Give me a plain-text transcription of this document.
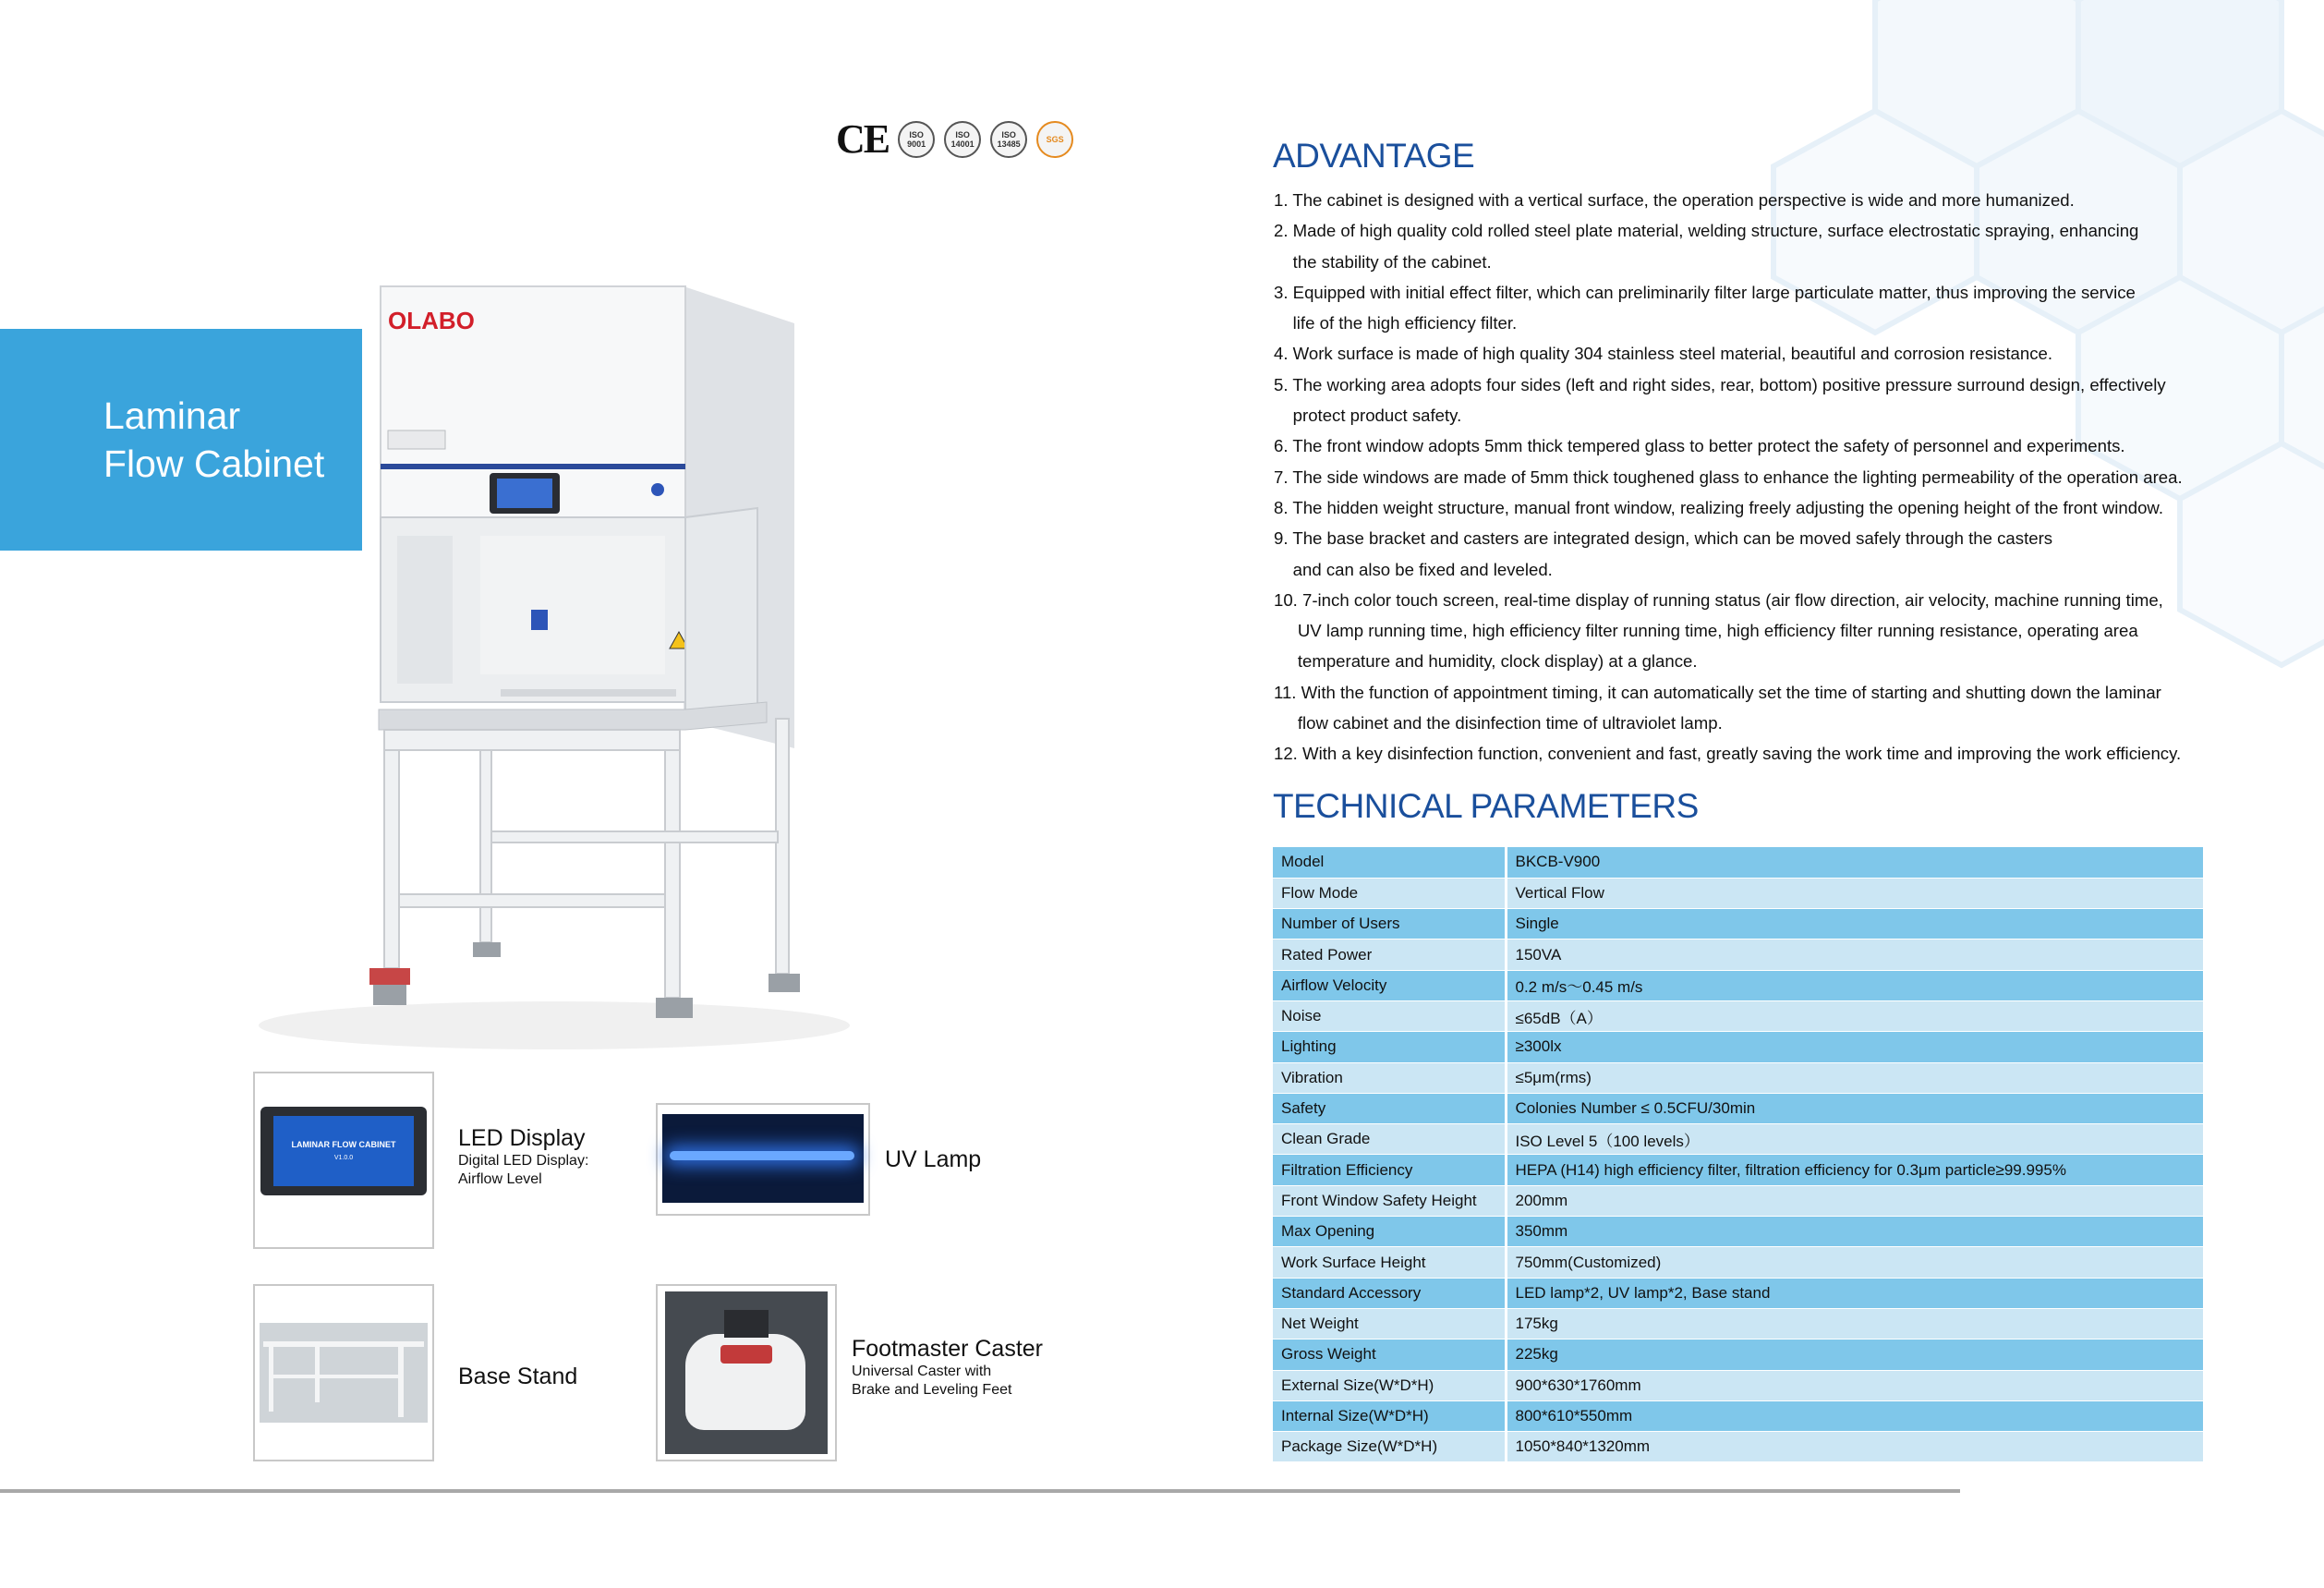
CE	ISO 9001
ISO 14001
ISO 13485	SGS
Laminar
Flow Cabinet
OLABO
LAMINAR FLOW CABINET
V1.0.0
LED Display
Digital LED Display:
Airflow Level
UV Lamp
Base Stand
Footmaster Caster
Universal Caster with
Brake and Leveling Feet
ADVANTAGE
1. The cabinet is designed with a vertical surface, the operation perspective is wide and more humanized.
2. Made of high quality cold rolled steel plate material, welding structure, surface electrostatic spraying, enhancing
the stability of the cabinet.
3. Equipped with initial effect filter, which can preliminarily filter large particulate matter, thus improving the service
life of the high efficiency filter.
4. Work surface is made of high quality 304 stainless steel material, beautiful and corrosion resistance.
5. The working area adopts four sides (left and right sides, rear, bottom) positive pressure surround design, effectively
protect product safety.
6. The front window adopts 5mm thick tempered glass to better protect the safety of personnel and experiments.
7. The side windows are made of 5mm thick toughened glass to enhance the lighting permeability of the operation area.
8. The hidden weight structure, manual front window, realizing freely adjusting the opening height of the front window.
9. The base bracket and casters are integrated design, which can be moved safely through the casters
and can also be fixed and leveled.
10. 7-inch color touch screen, real-time display of running status (air flow direction, air velocity, machine running time,
UV lamp running time, high efficiency filter running time, high efficiency filter running resistance, operating area
temperature and humidity, clock display) at a glance.
11. With the function of appointment timing, it can automatically set the time of starting and shutting down the laminar
flow cabinet and the disinfection time of ultraviolet lamp.
12. With a key disinfection function, convenient and fast, greatly saving the work time and improving the work efficiency.
TECHNICAL PARAMETERS
Model	BKCB-V900
Flow Mode	Vertical Flow
Number of Users	Single
Rated Power	150VA
Airflow Velocity	0.2 m/s～0.45 m/s
Noise	≤65dB（A）
Lighting	≥300lx
Vibration	≤5μm(rms)
Safety	Colonies Number ≤ 0.5CFU/30min
Clean Grade	ISO Level 5（100 levels）
Filtration Efficiency	HEPA (H14) high efficiency filter, filtration efficiency for 0.3μm particle≥99.995%
Front Window Safety Height	200mm
Max Opening	350mm
Work Surface Height	750mm(Customized)
Standard Accessory	LED lamp*2, UV lamp*2, Base stand
Net Weight	175kg
Gross Weight	225kg
External Size(W*D*H)	900*630*1760mm
Internal Size(W*D*H)	800*610*550mm
Package Size(W*D*H)	1050*840*1320mm
